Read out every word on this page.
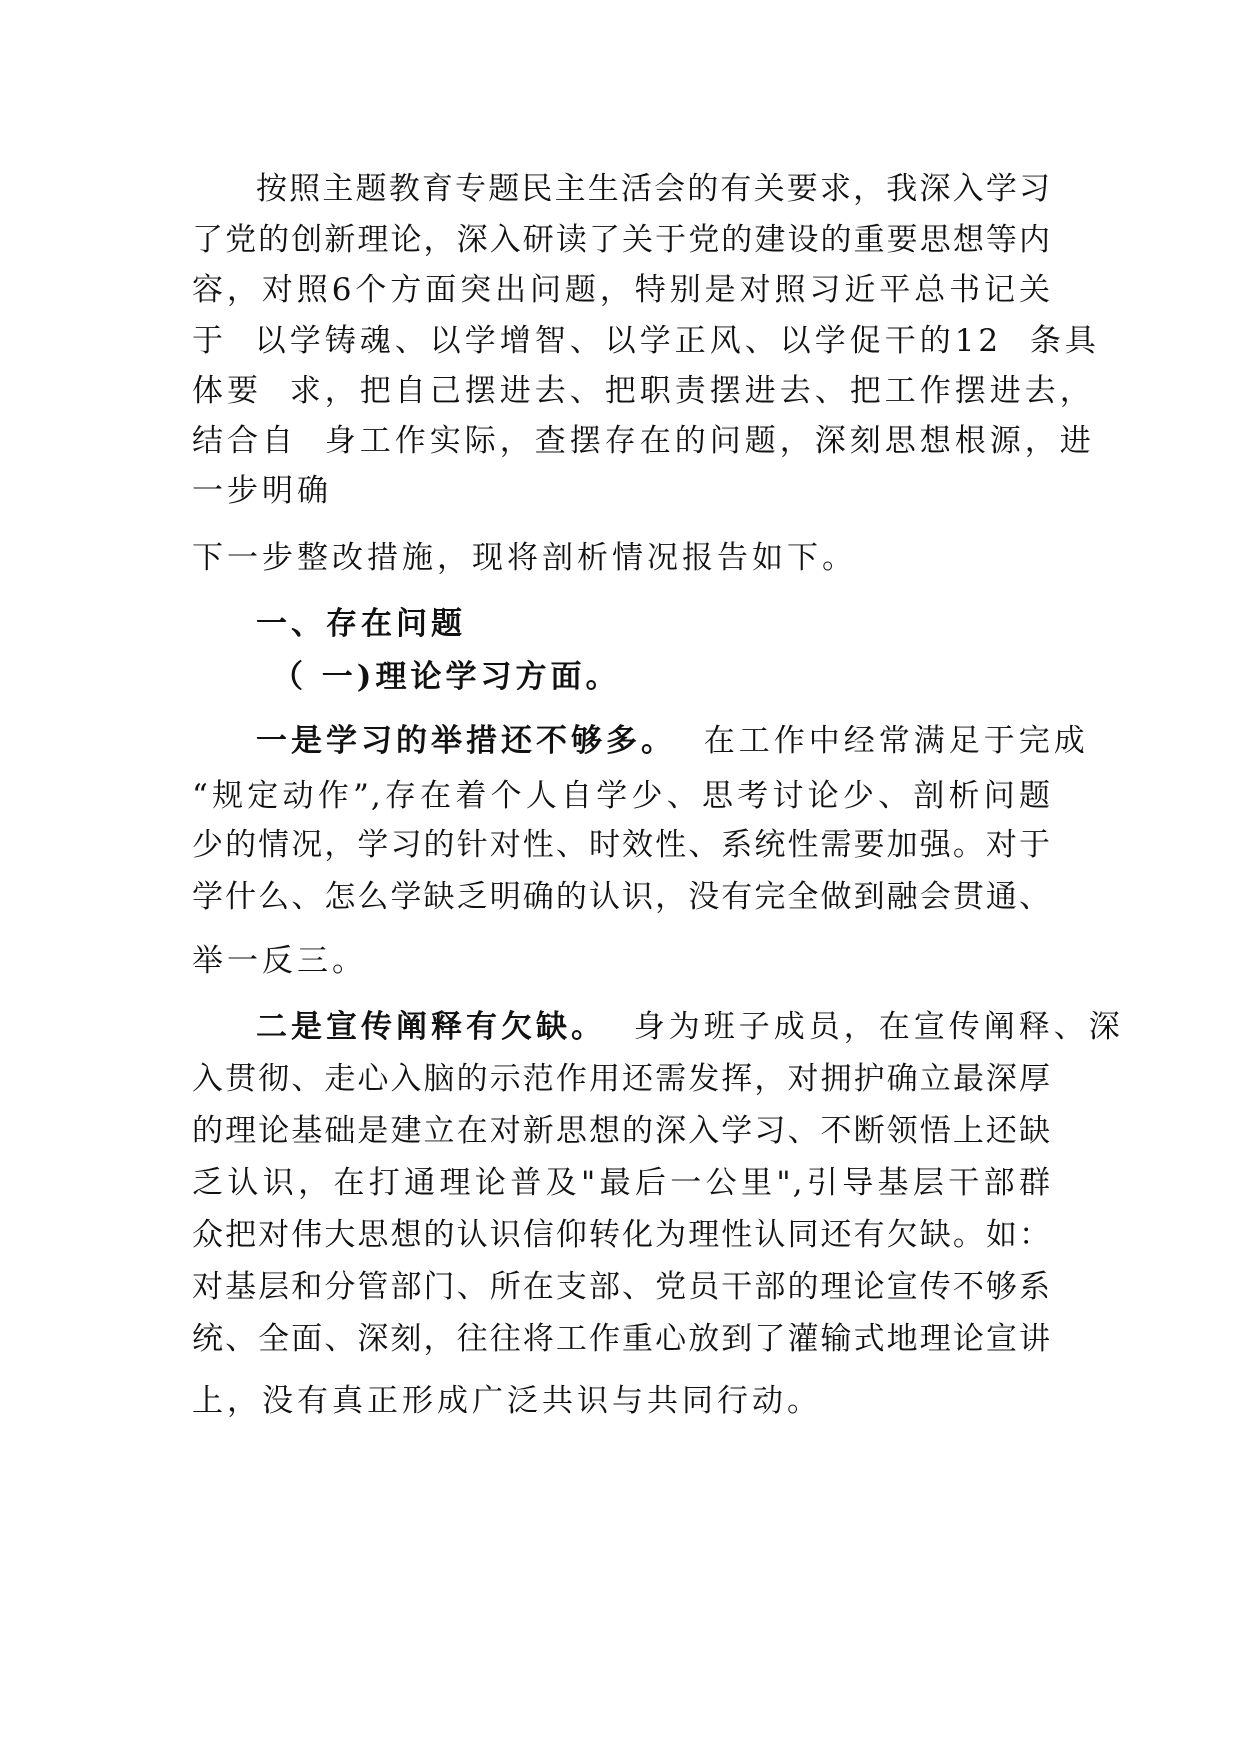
按照主题教育专题民主生活会的有关要求，我深入学习
了党的创新理论，深入研读了关于党的建设的重要思想等内
容，对照6个方面突出问题，特别是对照习近平总书记关
于  以学铸魂、以学增智、以学正风、以学促干的12  条具
体要  求，把自己摆进去、把职责摆进去、把工作摆进去，
结合自  身工作实际，查摆存在的问题，深刻思想根源，进
一步明确
下一步整改措施，现将剖析情况报告如下。
一、存在问题
（ 一)理论学习方面。
一是学习的举措还不够多。  在工作中经常满足于完成
“规定动作”,存在着个人自学少、思考讨论少、剖析问题
少的情况，学习的针对性、时效性、系统性需要加强。对于
学什么、怎么学缺乏明确的认识，没有完全做到融会贯通、
举一反三。
二是宣传阐释有欠缺。  身为班子成员，在宣传阐释、深
入贯彻、走心入脑的示范作用还需发挥，对拥护确立最深厚
的理论基础是建立在对新思想的深入学习、不断领悟上还缺
乏认识，在打通理论普及"最后一公里",引导基层干部群
众把对伟大思想的认识信仰转化为理性认同还有欠缺。如：
对基层和分管部门、所在支部、党员干部的理论宣传不够系
统、全面、深刻，往往将工作重心放到了灌输式地理论宣讲
上，没有真正形成广泛共识与共同行动。
